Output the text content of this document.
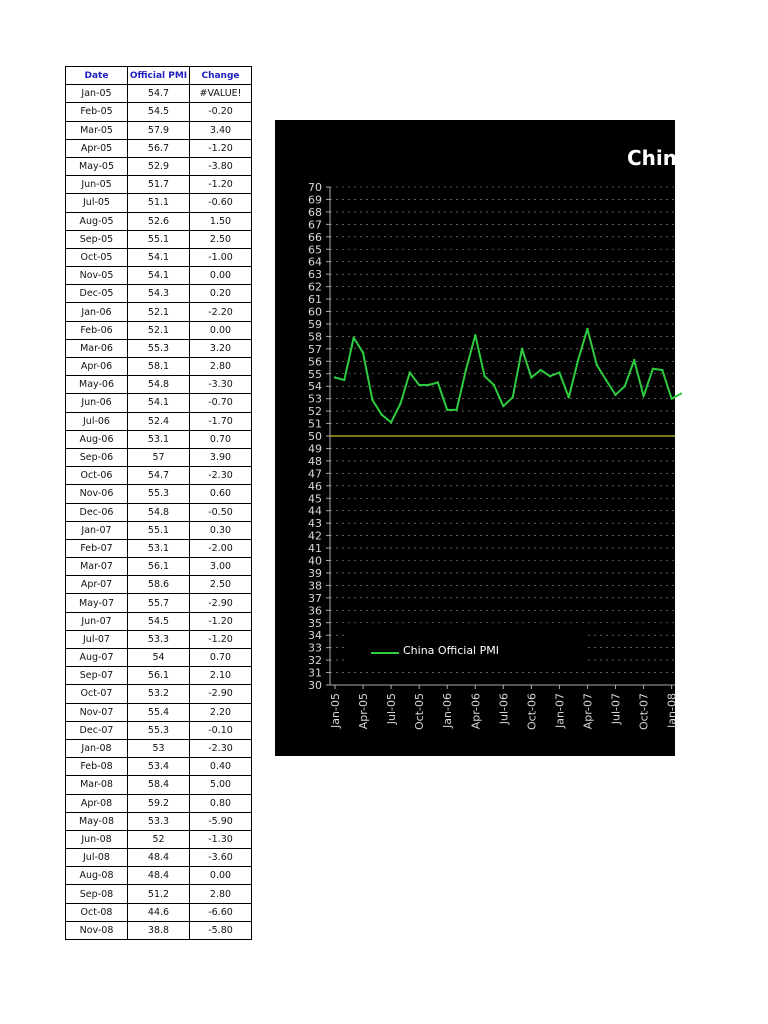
Date	Official PMI	Change
Jan-05	54.7	#VALUE!
Feb-05	54.5	-0.20
Mar-05	57.9	3.40
Apr-05	56.7	-1.20
May-05	52.9	-3.80
Jun-05	51.7	-1.20
Jul-05	51.1	-0.60
Aug-05	52.6	1.50
Sep-05	55.1	2.50
Oct-05	54.1	-1.00
Nov-05	54.1	0.00
Dec-05	54.3	0.20
Jan-06	52.1	-2.20
Feb-06	52.1	0.00
Mar-06	55.3	3.20
Apr-06	58.1	2.80
May-06	54.8	-3.30
Jun-06	54.1	-0.70
Jul-06	52.4	-1.70
Aug-06	53.1	0.70
Sep-06	57	3.90
Oct-06	54.7	-2.30
Nov-06	55.3	0.60
Dec-06	54.8	-0.50
Jan-07	55.1	0.30
Feb-07	53.1	-2.00
Mar-07	56.1	3.00
Apr-07	58.6	2.50
May-07	55.7	-2.90
Jun-07	54.5	-1.20
Jul-07	53.3	-1.20
Aug-07	54	0.70
Sep-07	56.1	2.10
Oct-07	53.2	-2.90
Nov-07	55.4	2.20
Dec-07	55.3	-0.10
Jan-08	53	-2.30
Feb-08	53.4	0.40
Mar-08	58.4	5.00
Apr-08	59.2	0.80
May-08	53.3	-5.90
Jun-08	52	-1.30
Jul-08	48.4	-3.60
Aug-08	48.4	0.00
Sep-08	51.2	2.80
Oct-08	44.6	-6.60
Nov-08	38.8	-5.80
30
31
32
33
34
35
36
37
38
39
40
41
42
43
44
45
46
47
48
49
50
51
52
53
54
55
56
57
58
59
60
61
62
63
64
65
66
67
68
69
70
Jan-05 Apr-05 Jul-05 Oct-05 Jan-06 Apr-06 Jul-06 Oct-06 Jan-07 Apr-07 Jul-07 Oct-07 Jan-08
China
China Official PMI
